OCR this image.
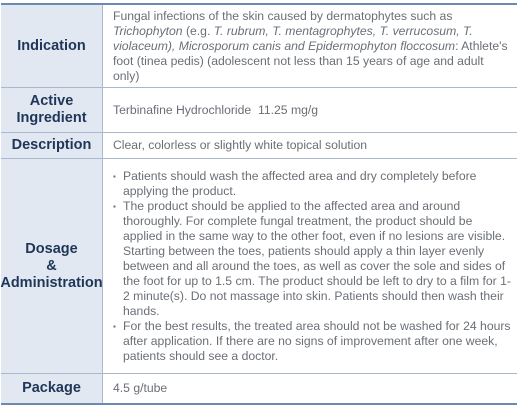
Indication
Fungal infections of the skin caused by dermatophytes such as Trichophyton (e.g. T. rubrum, T. mentagrophytes, T. verrucosum, T. violaceum), Microsporum canis and Epidermophyton floccosum: Athlete's foot (tinea pedis) (adolescent not less than 15 years of age and adult only)
Active
Ingredient
Terbinafine Hydrochloride  11.25 mg/g
Description Clear, colorless or slightly white topical solution
Dosage
&
Administration
▪ Patients should wash the affected area and dry completely before applying the product.
▪ The product should be applied to the affected area and around thoroughly. For complete fungal treatment, the product should be applied in the same way to the other foot, even if no lesions are visible. Starting between the toes, patients should apply a thin layer evenly between and all around the toes, as well as cover the sole and sides of the foot for up to 1.5 cm. The product should be left to dry to a film for 1-2 minute(s). Do not massage into skin. Patients should then wash their hands.
▪ For the best results, the treated area should not be washed for 24 hours after application. If there are no signs of improvement after one week, patients should see a doctor.
Package	4.5 g/tube
